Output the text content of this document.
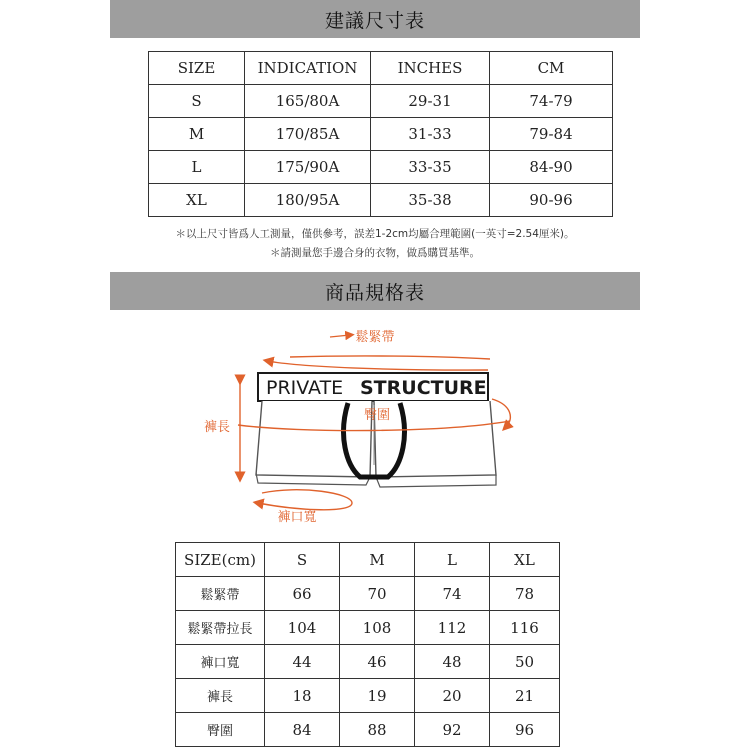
建議尺寸表
SIZE	INDICATION	INCHES	CM
S	165/80A	29-31	74-79
M	170/85A	31-33	79-84
L	175/90A	33-35	84-90
XL	180/95A	35-38	90-96
＊以上尺寸皆爲人工測量，僅供參考，誤差1-2cm均屬合理範圍(一英寸=2.54厘米)。
＊請測量您手邊合身的衣物，做爲購買基準。
商品規格表
鬆緊帶
PRIVATE STRUCTURE
臀圍
褲長
褲口寬
SIZE(cm)	S	M	L	XL
鬆緊帶	66	70	74	78
鬆緊帶拉長	104	108	112	116
褲口寬	44	46	48	50
褲長	18	19	20	21
臀圍	84	88	92	96
